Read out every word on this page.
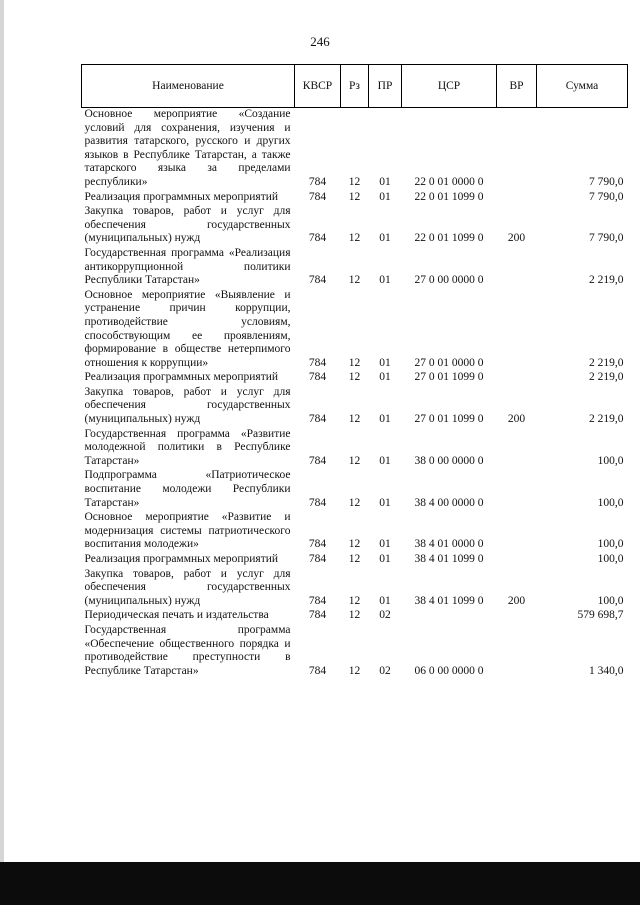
246
Наименование	КВСР	Рз	ПР	ЦСР	ВР	Сумма
Основное мероприятие «Создание условий для сохранения, изучения и развития татарского, русского и других языков в Республике Татарстан, а также татарского языка за пределами республики»	784	12	01	22 0 01 0000 0		7 790,0
Реализация программных мероприятий	784	12	01	22 0 01 1099 0		7 790,0
Закупка товаров, работ и услуг для обеспечения государственных (муниципальных) нужд	784	12	01	22 0 01 1099 0	200	7 790,0
Государственная программа «Реализация антикоррупционной политики Республики Татарстан»	784	12	01	27 0 00 0000 0		2 219,0
Основное мероприятие «Выявление и устранение причин коррупции, противодействие условиям, способствующим ее проявлениям, формирование в обществе нетерпимого отношения к коррупции»	784	12	01	27 0 01 0000 0		2 219,0
Реализация программных мероприятий	784	12	01	27 0 01 1099 0		2 219,0
Закупка товаров, работ и услуг для обеспечения государственных (муниципальных) нужд	784	12	01	27 0 01 1099 0	200	2 219,0
Государственная программа «Развитие молодежной политики в Республике Татарстан»	784	12	01	38 0 00 0000 0		100,0
Подпрограмма «Патриотическое воспитание молодежи Республики Татарстан»	784	12	01	38 4 00 0000 0		100,0
Основное мероприятие «Развитие и модернизация системы патриотического воспитания молодежи»	784	12	01	38 4 01 0000 0		100,0
Реализация программных мероприятий	784	12	01	38 4 01 1099 0		100,0
Закупка товаров, работ и услуг для обеспечения государственных (муниципальных) нужд	784	12	01	38 4 01 1099 0	200	100,0
Периодическая печать и издательства	784	12	02			579 698,7
Государственная программа «Обеспечение общественного порядка и противодействие преступности в Республике Татарстан»	784	12	02	06 0 00 0000 0		1 340,0
